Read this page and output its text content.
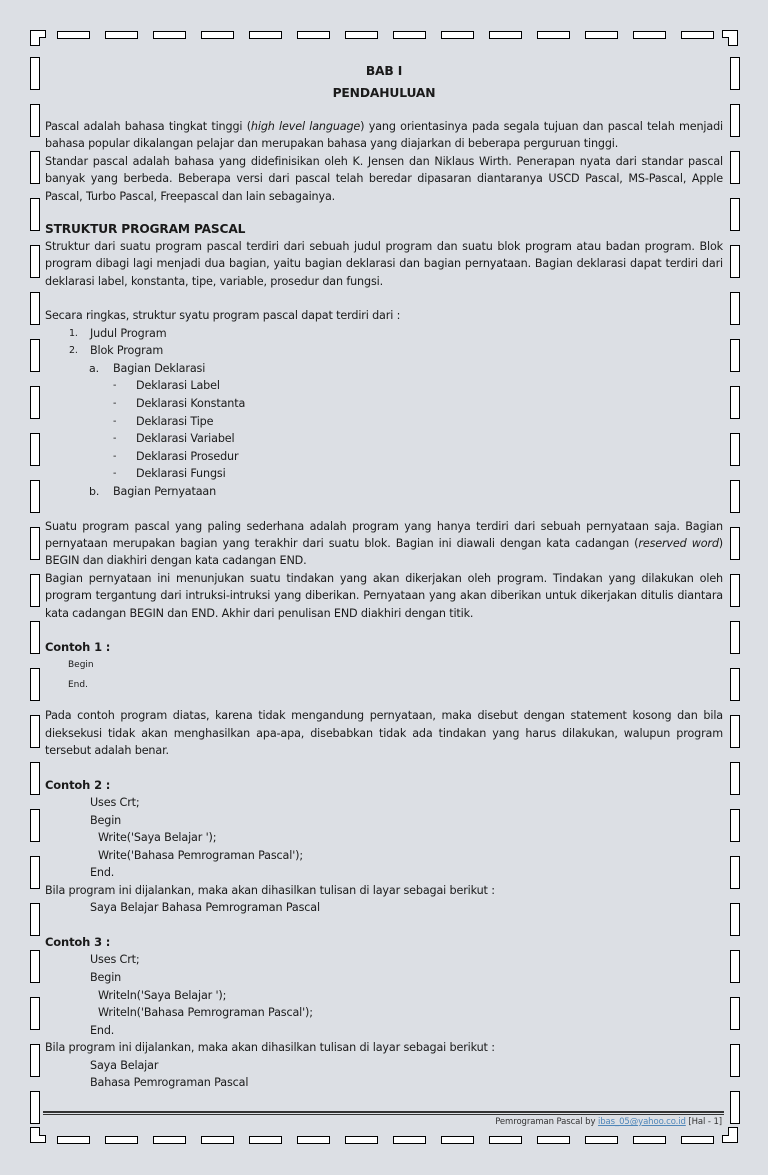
BAB I
PENDAHULUAN

Pascal adalah bahasa tingkat tinggi (high level language) yang orientasinya pada segala tujuan dan pascal telah menjadi bahasa popular dikalangan pelajar dan merupakan bahasa yang diajarkan di beberapa perguruan tinggi.

Standar pascal adalah bahasa yang didefinisikan oleh K. Jensen dan Niklaus Wirth. Penerapan nyata dari standar pascal banyak yang berbeda. Beberapa versi dari pascal telah beredar dipasaran diantaranya USCD Pascal, MS-Pascal, Apple Pascal, Turbo Pascal, Freepascal dan lain sebagainya.

STRUKTUR PROGRAM PASCAL

Struktur dari suatu program pascal terdiri dari sebuah judul program dan suatu blok program atau badan program. Blok program dibagi lagi menjadi dua bagian, yaitu bagian deklarasi dan bagian pernyataan. Bagian deklarasi dapat terdiri dari deklarasi label, konstanta, tipe, variable, prosedur dan fungsi.

Secara ringkas, struktur syatu program pascal dapat terdiri dari :

1.	Judul Program
2.	Blok Program
a.	Bagian Deklarasi
-	Deklarasi Label
-	Deklarasi Konstanta
-	Deklarasi Tipe
-	Deklarasi Variabel
-	Deklarasi Prosedur
-	Deklarasi Fungsi
b.	Bagian Pernyataan

Suatu program pascal yang paling sederhana adalah program yang hanya terdiri dari sebuah pernyataan saja. Bagian pernyataan merupakan bagian yang terakhir dari suatu blok. Bagian ini diawali dengan kata cadangan (reserved word) BEGIN dan diakhiri dengan kata cadangan END.

Bagian pernyataan ini menunjukan suatu tindakan yang akan dikerjakan oleh program. Tindakan yang dilakukan oleh program tergantung dari intruksi-intruksi yang diberikan. Pernyataan yang akan diberikan untuk dikerjakan ditulis diantara kata cadangan BEGIN dan END. Akhir dari penulisan END diakhiri dengan titik.

Contoh 1 :
Begin
End.

Pada contoh program diatas, karena tidak mengandung pernyataan, maka disebut dengan statement kosong dan bila dieksekusi tidak akan menghasilkan apa-apa, disebabkan tidak ada tindakan yang harus dilakukan, walupun program tersebut adalah benar.

Contoh 2 :
Uses Crt;
Begin
Write('Saya Belajar ');
Write('Bahasa Pemrograman Pascal');
End.

Bila program ini dijalankan, maka akan dihasilkan tulisan di layar sebagai berikut :

Saya Belajar Bahasa Pemrograman Pascal
Contoh 3 :
Uses Crt;
Begin
Writeln('Saya Belajar ');
Writeln('Bahasa Pemrograman Pascal');
End.

Bila program ini dijalankan, maka akan dihasilkan tulisan di layar sebagai berikut :

Saya Belajar
Bahasa Pemrograman Pascal
Pemrograman Pascal by ibas_05@yahoo.co.id [Hal - 1]
